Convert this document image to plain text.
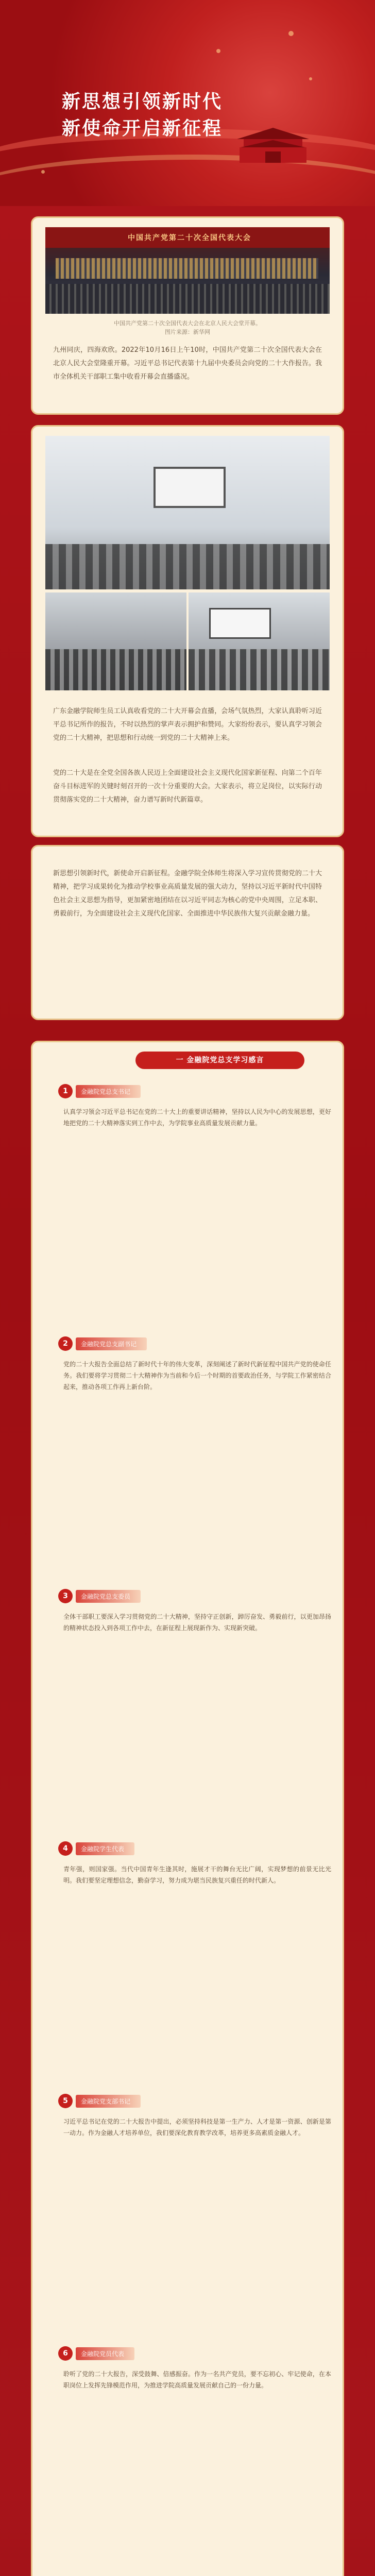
新思想引领新时代
新使命开启新征程
中国共产党第二十次全国代表大会
中国共产党第二十次全国代表大会在北京人民大会堂开幕。
图片来源：新华网
九州同庆，四海欢欣。2022年10月16日上午10时，中国共产党第二十次全国代表大会在北京人民大会堂隆重开幕。习近平总书记代表第十九届中央委员会向党的二十大作报告。我市全体机关干部职工集中收看开幕会直播盛况。
广东金融学院师生员工认真收看党的二十大开幕会直播，会场气氛热烈，大家认真聆听习近平总书记所作的报告，不时以热烈的掌声表示拥护和赞同。大家纷纷表示，要认真学习领会党的二十大精神，把思想和行动统一到党的二十大精神上来。
党的二十大是在全党全国各族人民迈上全面建设社会主义现代化国家新征程、向第二个百年奋斗目标进军的关键时刻召开的一次十分重要的大会。大家表示，将立足岗位，以实际行动贯彻落实党的二十大精神，奋力谱写新时代新篇章。
新思想引领新时代，新使命开启新征程。金融学院全体师生将深入学习宣传贯彻党的二十大精神，把学习成果转化为推动学校事业高质量发展的强大动力，坚持以习近平新时代中国特色社会主义思想为指导，更加紧密地团结在以习近平同志为核心的党中央周围，立足本职、勇毅前行，为全面建设社会主义现代化国家、全面推进中华民族伟大复兴贡献金融力量。
一 金融院党总支学习感言
1	金融院党总支书记
认真学习领会习近平总书记在党的二十大上的重要讲话精神，坚持以人民为中心的发展思想，更好地把党的二十大精神落实到工作中去，为学院事业高质量发展贡献力量。
2	金融院党总支副书记
党的二十大报告全面总结了新时代十年的伟大变革，深刻阐述了新时代新征程中国共产党的使命任务。我们要将学习贯彻二十大精神作为当前和今后一个时期的首要政治任务，与学院工作紧密结合起来，推动各项工作再上新台阶。
3	金融院党总支委员
全体干部职工要深入学习贯彻党的二十大精神，坚持守正创新，踔厉奋发、勇毅前行，以更加昂扬的精神状态投入到各项工作中去，在新征程上展现新作为、实现新突破。
4	金融院学生代表
青年强，则国家强。当代中国青年生逢其时，施展才干的舞台无比广阔，实现梦想的前景无比光明。我们要坚定理想信念，勤奋学习，努力成为堪当民族复兴重任的时代新人。
5	金融院党支部书记
习近平总书记在党的二十大报告中提出，必须坚持科技是第一生产力、人才是第一资源、创新是第一动力。作为金融人才培养单位，我们要深化教育教学改革，培养更多高素质金融人才。
6	金融院党员代表
聆听了党的二十大报告，深受鼓舞、倍感振奋。作为一名共产党员，要不忘初心、牢记使命，在本职岗位上发挥先锋模范作用，为推进学院高质量发展贡献自己的一份力量。
